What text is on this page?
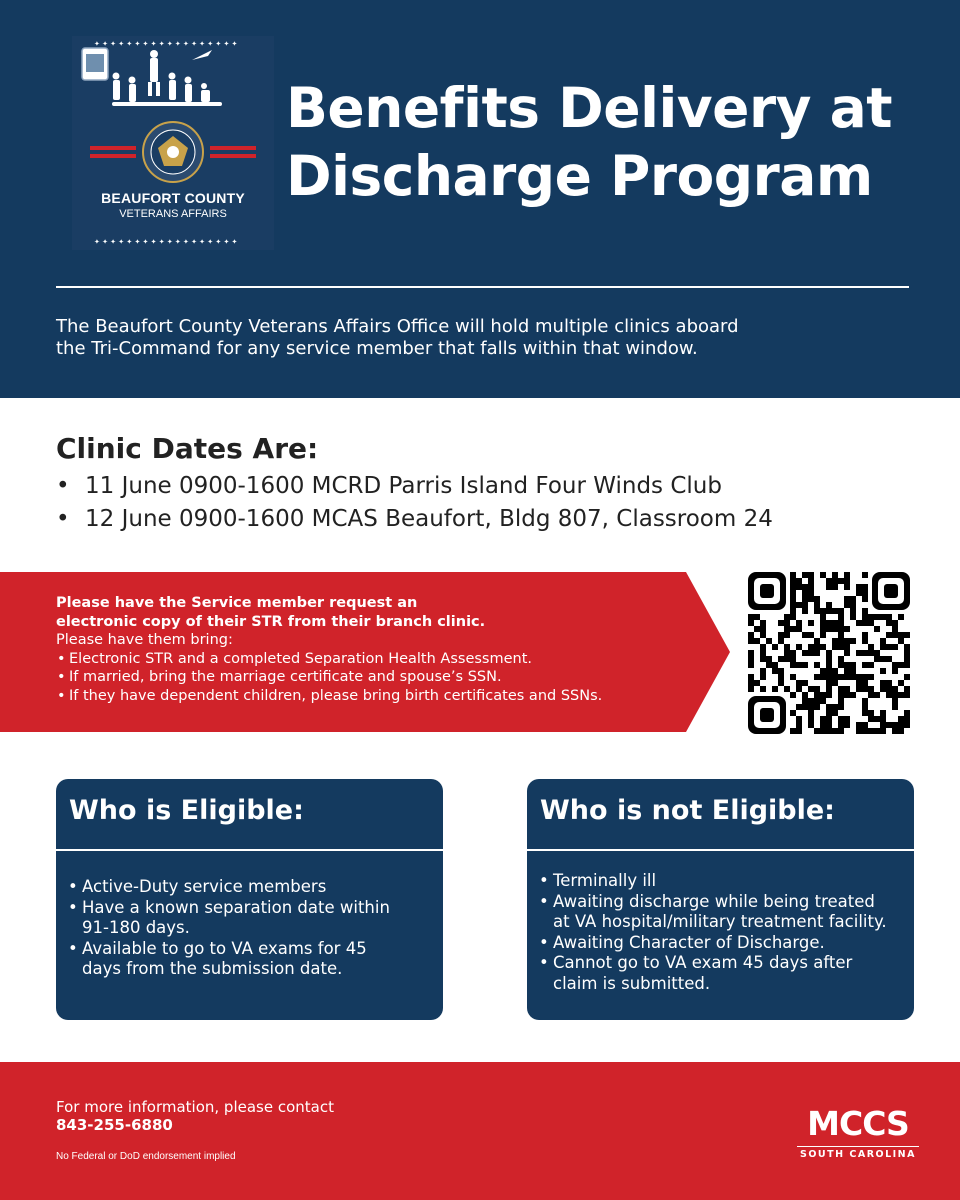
✦ ✦ ✦ ✦ ✦ ✦ ✦ ✦ ✦ ✦ ✦ ✦ ✦ ✦ ✦ ✦ ✦ ✦
✦ ✦ ✦ ✦ ✦ ✦ ✦ ✦ ✦ ✦ ✦ ✦ ✦ ✦ ✦ ✦ ✦ ✦
BEAUFORT COUNTY
VETERANS AFFAIRS
Benefits Delivery at
Discharge Program
The Beaufort County Veterans Affairs Office will hold multiple clinics aboard
the Tri-Command for any service member that falls within that window.
Clinic Dates Are:
• 11 June 0900-1600 MCRD Parris Island Four Winds Club
• 12 June 0900-1600 MCAS Beaufort, Bldg 807, Classroom 24
Please have the Service member request an
electronic copy of their STR from their branch clinic.
Please have them bring:
• Electronic STR and a completed Separation Health Assessment.
• If married, bring the marriage certificate and spouse’s SSN.
• If they have dependent children, please bring birth certificates and SSNs.
Who is Eligible:
• Active-Duty service members
• Have a known separation date within
91-180 days.
• Available to go to VA exams for 45
days from the submission date.
Who is not Eligible:
• Terminally ill
• Awaiting discharge while being treated
at VA hospital/military treatment facility.
• Awaiting Character of Discharge.
• Cannot go to VA exam 45 days after
claim is submitted.
For more information, please contact
843-255-6880
No Federal or DoD endorsement implied
MCCS
SOUTH CAROLINA
